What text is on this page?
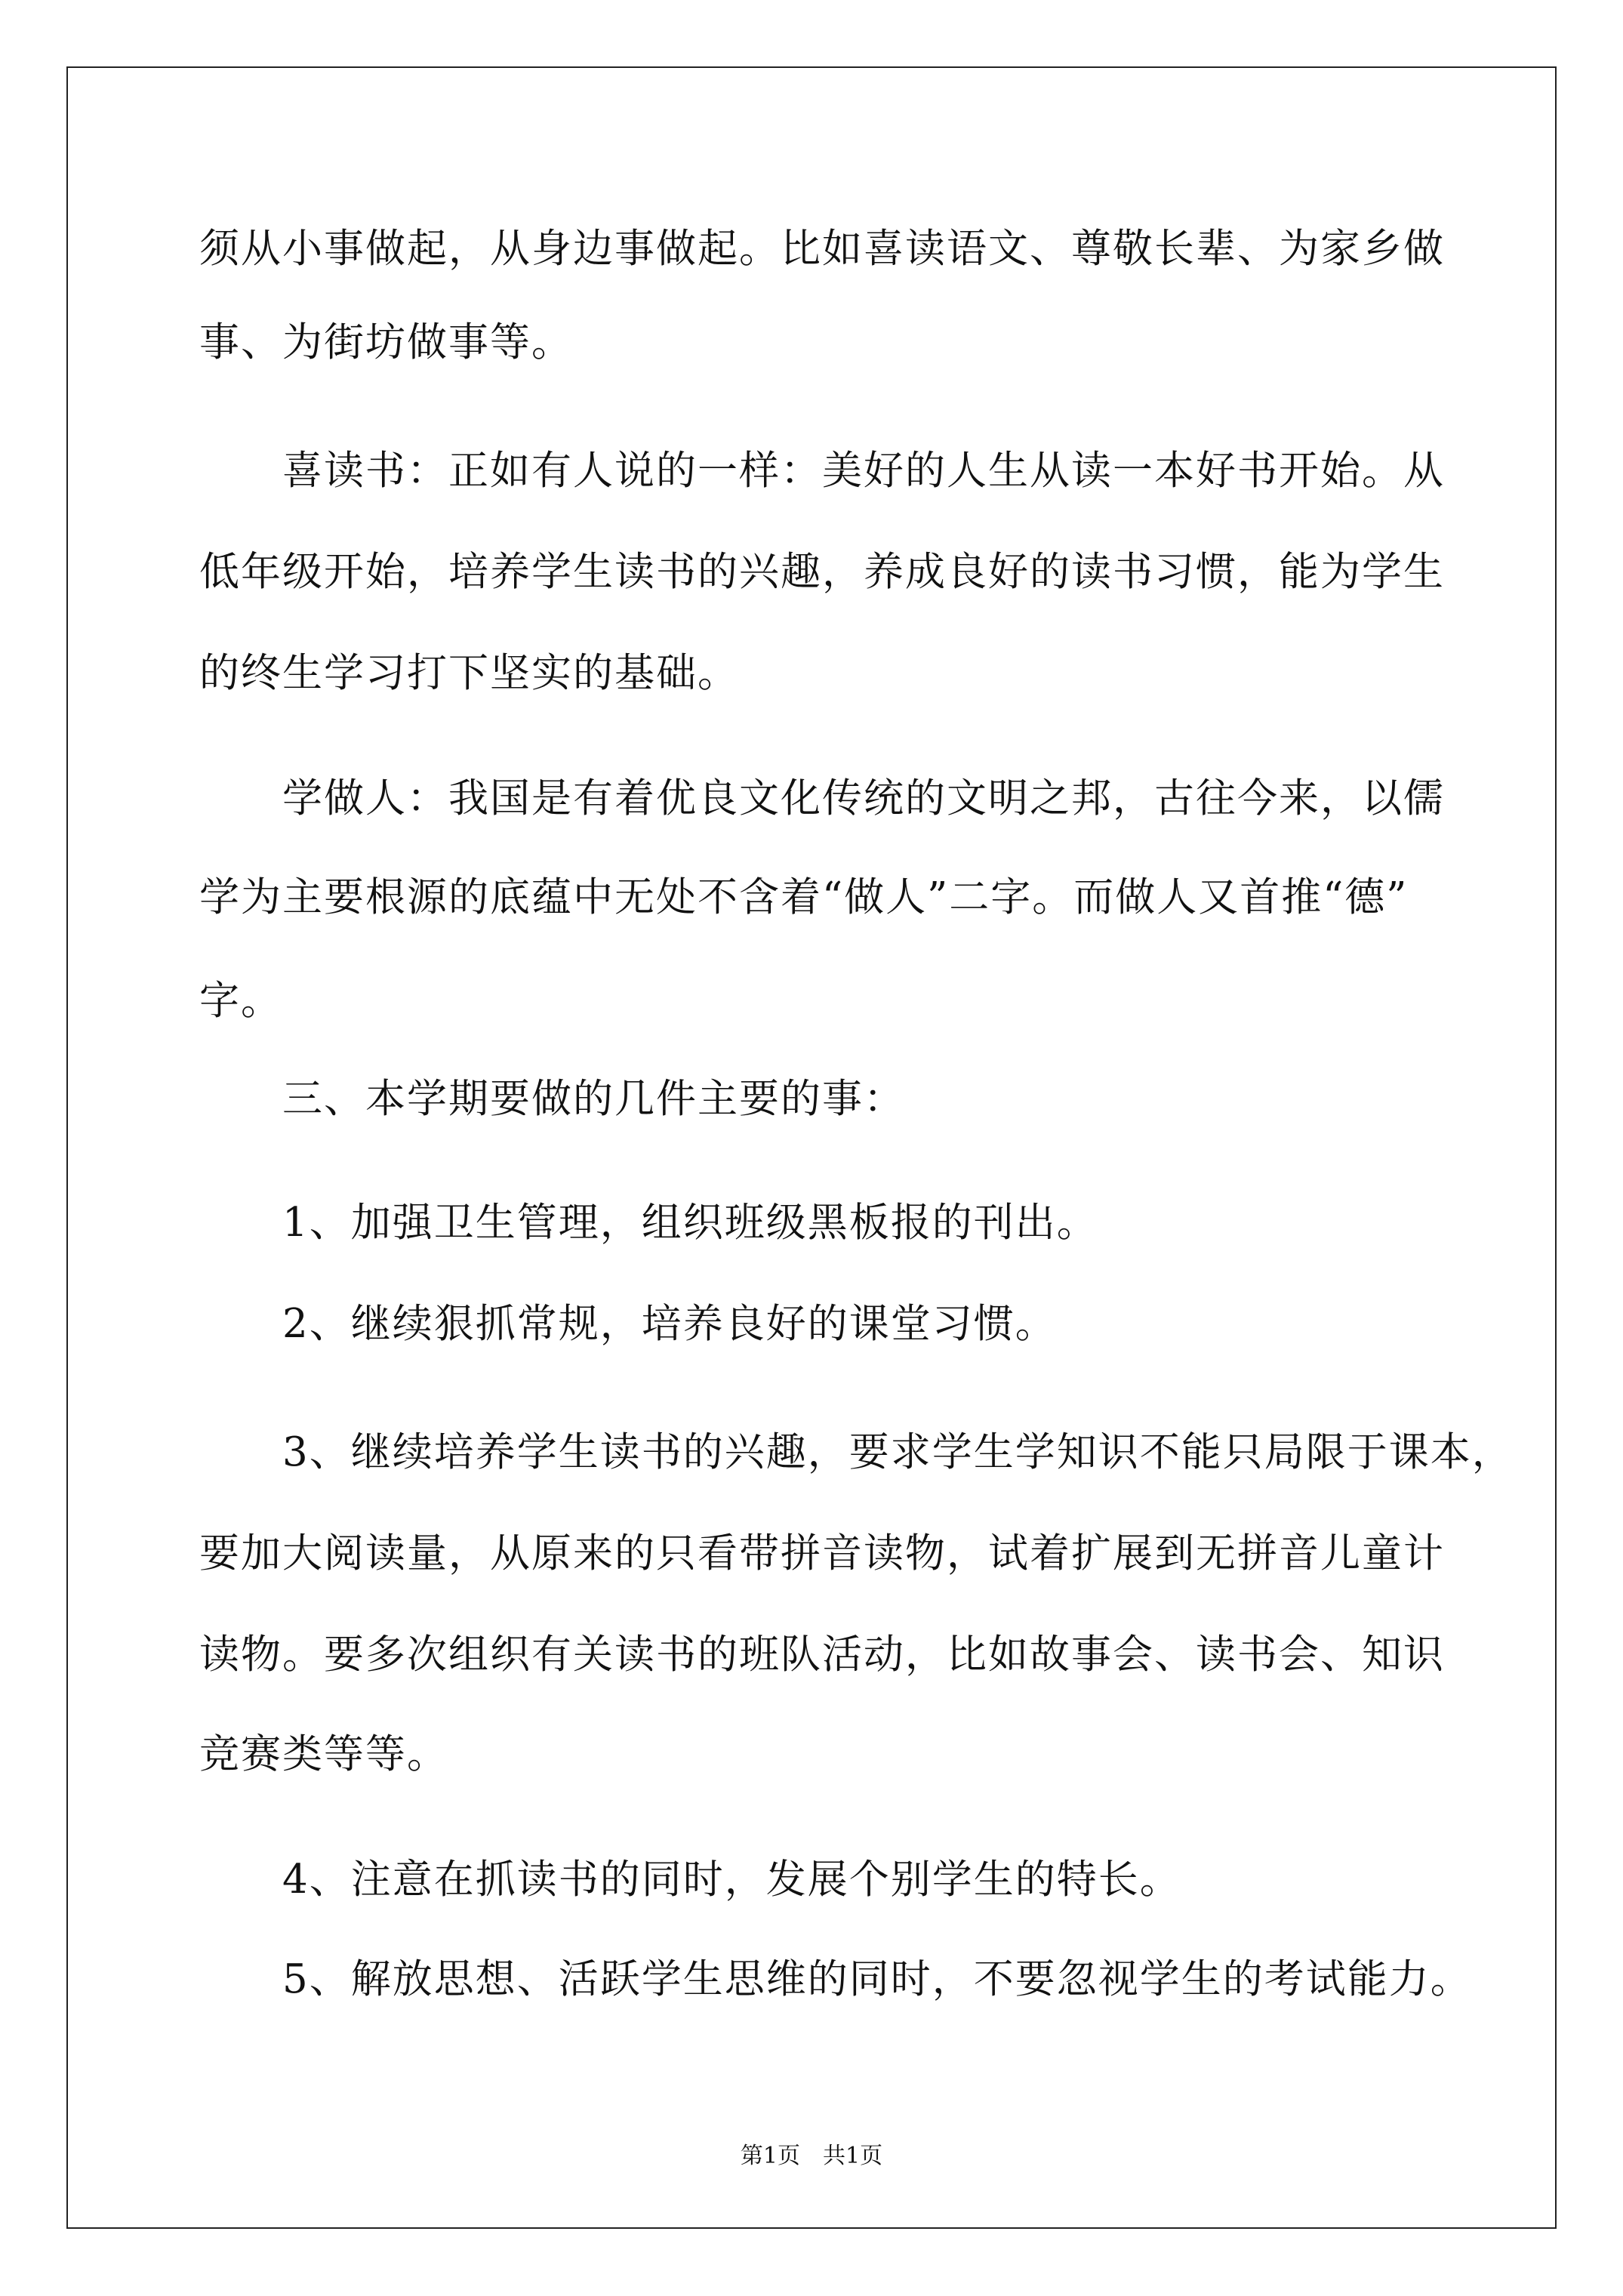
须从小事做起，从身边事做起。比如喜读语文、尊敬长辈、为家乡做
事、为街坊做事等。
　　喜读书：正如有人说的一样：美好的人生从读一本好书开始。从
低年级开始，培养学生读书的兴趣，养成良好的读书习惯，能为学生
的终生学习打下坚实的基础。
　　学做人：我国是有着优良文化传统的文明之邦，古往今来，以儒
学为主要根源的底蕴中无处不含着“做人”二字。而做人又首推“德”
字。
　　三、本学期要做的几件主要的事：
　　1、加强卫生管理，组织班级黑板报的刊出。
　　2、继续狠抓常规，培养良好的课堂习惯。
　　3、继续培养学生读书的兴趣，要求学生学知识不能只局限于课本，
要加大阅读量，从原来的只看带拼音读物，试着扩展到无拼音儿童计
读物。要多次组织有关读书的班队活动，比如故事会、读书会、知识
竞赛类等等。
　　4、注意在抓读书的同时，发展个别学生的特长。
　　5、解放思想、活跃学生思维的同时，不要忽视学生的考试能力。
第1页　共1页
